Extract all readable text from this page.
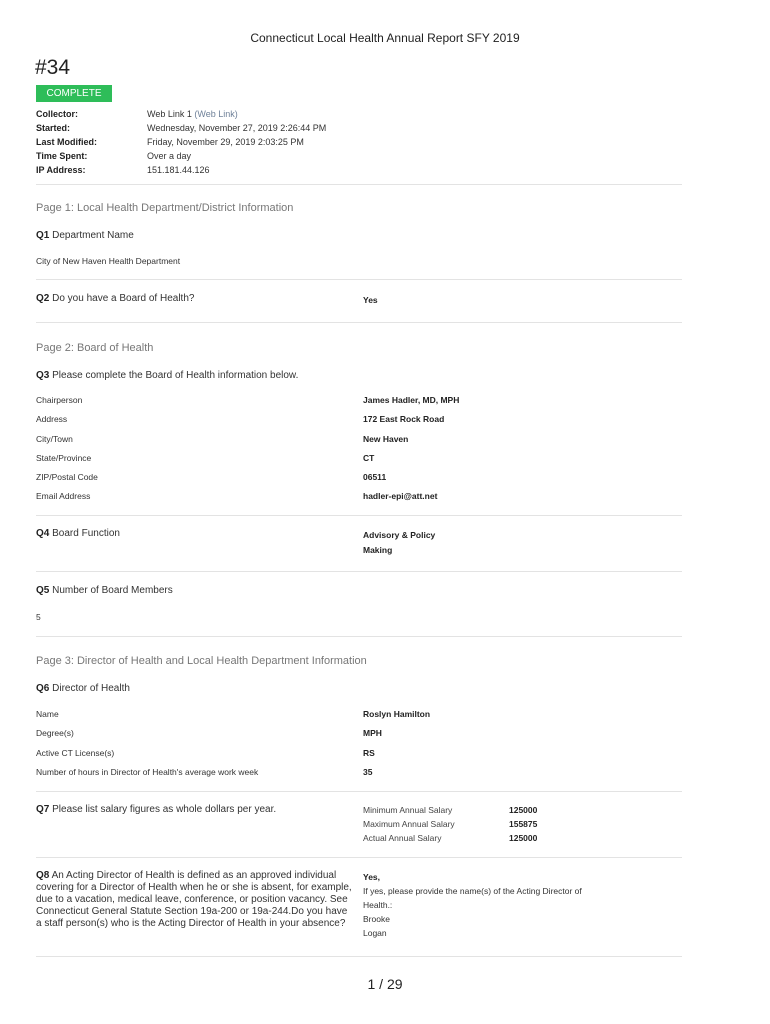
Connecticut Local Health Annual Report SFY 2019
#34
COMPLETE
Collector:	Web Link 1 (Web Link)
Started:	Wednesday, November 27, 2019 2:26:44 PM
Last Modified:	Friday, November 29, 2019 2:03:25 PM
Time Spent:	Over a day
IP Address:	151.181.44.126
Page 1: Local Health Department/District Information
Q1 Department Name
City of New Haven Health Department
Q2 Do you have a Board of Health?	Yes
Page 2: Board of Health
Q3 Please complete the Board of Health information below.
Chairperson	James Hadler, MD, MPH
Address	172 East Rock Road
City/Town	New Haven
State/Province	CT
ZIP/Postal Code	06511
Email Address	hadler-epi@att.net
Q4 Board Function	Advisory & Policy
Making
Q5 Number of Board Members
5
Page 3: Director of Health and Local Health Department Information
Q6 Director of Health
Name	Roslyn Hamilton
Degree(s)	MPH
Active CT License(s)	RS
Number of hours in Director of Health's average work week	35
Q7 Please list salary figures as whole dollars per year.	Minimum Annual Salary	125000
Maximum Annual Salary	155875
Actual Annual Salary	125000
Q8 An Acting Director of Health is defined as an approved individual covering for a Director of Health when he or she is absent, for example, due to a vacation, medical leave, conference, or position vacancy. See Connecticut General Statute Section 19a-200 or 19a-244.Do you have a staff person(s) who is the Acting Director of Health in your absence?
Yes,
If yes, please provide the name(s) of the Acting Director of Health.:
Brooke
Logan
1 / 29
